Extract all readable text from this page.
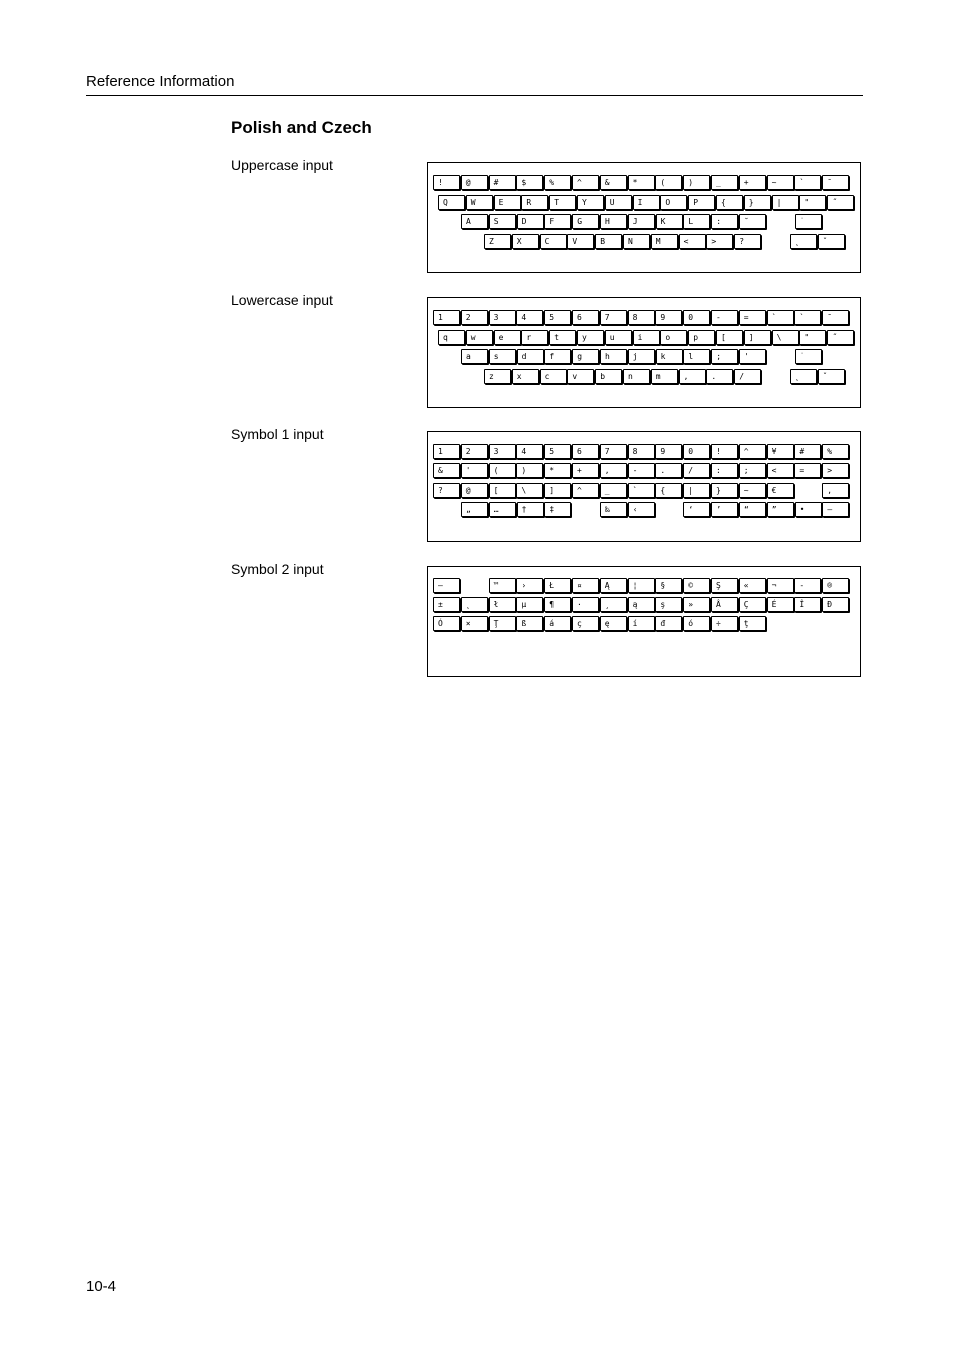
Reference Information
Polish and Czech
Uppercase input
!	@	#	$	%	^	&	*	(	)	_	+	~	`	¯
Q	W	E	R	T	Y	U	I	O	P	{	}	|	"	˝
A	S	D	F	G	H	J	K	L	:	˘	˙
Z	X	C	V	B	N	M	<	>	?	˛	ˇ
Lowercase input
1	2	3	4	5	6	7	8	9	0	-	=	`	`	¯
q	w	e	r	t	y	u	i	o	p	[	]	\	"	˝
a	s	d	f	g	h	j	k	l	;	'	˙
z	x	c	v	b	n	m	,	.	/	˛	ˇ
Symbol 1 input
1	2	3	4	5	6	7	8	9	0	!	^	¥	#	%
&	'	(	)	*	+	,	-	.	/	:	;	<	=	>
?	@	[	\	]	^	_	`	{	|	}	~	€	,
„	…	†	‡	‰	‹	‘	’	“	”	•	–
Symbol 2 input
—	™	›	Ł	¤	Ą	¦	§	©	Ş	«	¬	-	®
±	˛	ł	µ	¶	·	¸	ą	ş	»	Â	Ç	É	Î	Đ
Ó	×	Ţ	ß	á	ç	ę	í	đ	ó	÷	ţ
10-4
